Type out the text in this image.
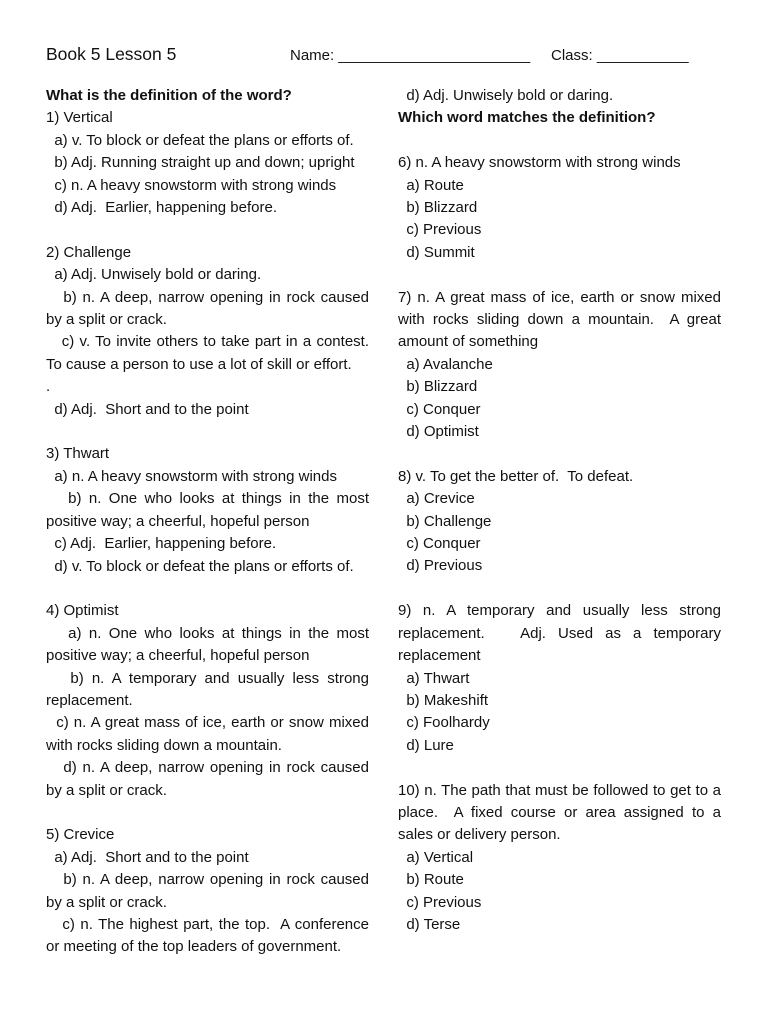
Book 5 Lesson 5	Name: _______________________ Class: ___________
What is the definition of the word?
1) Vertical
a) v. To block or defeat the plans or efforts of.
b) Adj. Running straight up and down; upright
c) n. A heavy snowstorm with strong winds
d) Adj.  Earlier, happening before.
2) Challenge
a) Adj. Unwisely bold or daring.
b) n. A deep, narrow opening in rock caused by a split or crack.
c) v. To invite others to take part in a contest. To cause a person to use a lot of skill or effort.
.
d) Adj.  Short and to the point
3) Thwart
a) n. A heavy snowstorm with strong winds
b) n. One who looks at things in the most positive way; a cheerful, hopeful person
c) Adj.  Earlier, happening before.
d) v. To block or defeat the plans or efforts of.
4) Optimist
a) n. One who looks at things in the most positive way; a cheerful, hopeful person
b) n. A temporary and usually less strong replacement.
c) n. A great mass of ice, earth or snow mixed with rocks sliding down a mountain.
d) n. A deep, narrow opening in rock caused by a split or crack.
5) Crevice
a) Adj.  Short and to the point
b) n. A deep, narrow opening in rock caused by a split or crack.
c) n. The highest part, the top.  A conference or meeting of the top leaders of government.
d) Adj. Unwisely bold or daring.
Which word matches the definition?
6) n. A heavy snowstorm with strong winds
a) Route
b) Blizzard
c) Previous
d) Summit
7) n. A great mass of ice, earth or snow mixed with rocks sliding down a mountain.  A great amount of something
a) Avalanche
b) Blizzard
c) Conquer
d) Optimist
8) v. To get the better of.  To defeat.
a) Crevice
b) Challenge
c) Conquer
d) Previous
9) n. A temporary and usually less strong replacement.   Adj. Used as a temporary replacement
a) Thwart
b) Makeshift
c) Foolhardy
d) Lure
10) n. The path that must be followed to get to a place.  A fixed course or area assigned to a sales or delivery person.
a) Vertical
b) Route
c) Previous
d) Terse
